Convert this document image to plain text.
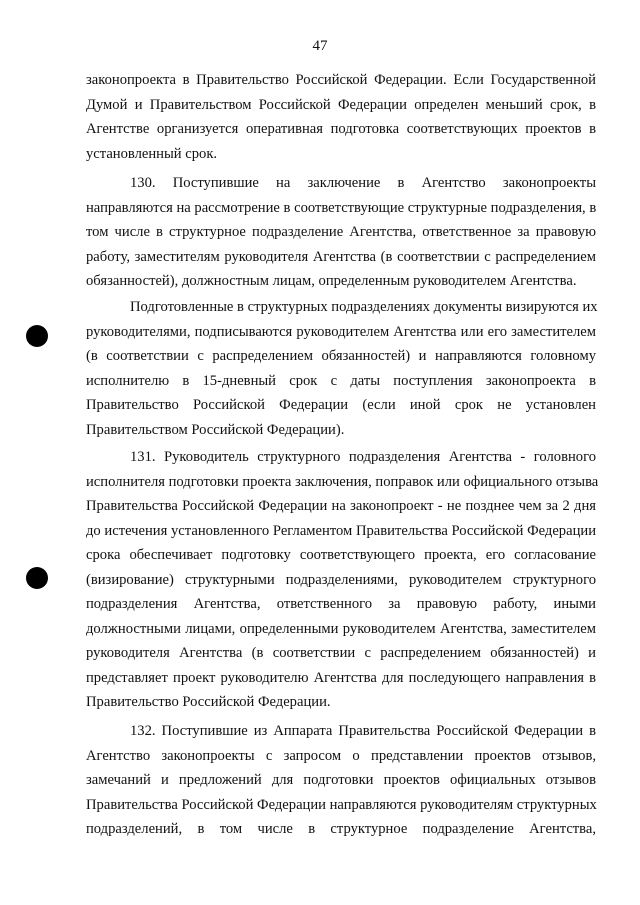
47
законопроекта в Правительство Российской Федерации. Если Государственной
Думой и Правительством Российской Федерации определен меньший срок, в
Агентстве организуется оперативная подготовка соответствующих проектов в
установленный срок.
130. Поступившие на заключение в Агентство законопроекты
направляются на рассмотрение в соответствующие структурные подразделения, в
том числе в структурное подразделение Агентства, ответственное за правовую
работу, заместителям руководителя Агентства (в соответствии с распределением
обязанностей), должностным лицам, определенным руководителем Агентства.
Подготовленные в структурных подразделениях документы визируются их
руководителями, подписываются руководителем Агентства или его заместителем
(в соответствии с распределением обязанностей) и направляются головному
исполнителю в 15-дневный срок с даты поступления законопроекта в
Правительство Российской Федерации (если иной срок не установлен
Правительством Российской Федерации).
131. Руководитель структурного подразделения Агентства - головного
исполнителя подготовки проекта заключения, поправок или официального отзыва
Правительства Российской Федерации на законопроект - не позднее чем за 2 дня
до истечения установленного Регламентом Правительства Российской Федерации
срока обеспечивает подготовку соответствующего проекта, его согласование
(визирование) структурными подразделениями, руководителем структурного
подразделения Агентства, ответственного за правовую работу, иными
должностными лицами, определенными руководителем Агентства, заместителем
руководителя Агентства (в соответствии с распределением обязанностей) и
представляет проект руководителю Агентства для последующего направления в
Правительство Российской Федерации.
132. Поступившие из Аппарата Правительства Российской Федерации в
Агентство законопроекты с запросом о представлении проектов отзывов,
замечаний и предложений для подготовки проектов официальных отзывов
Правительства Российской Федерации направляются руководителям структурных
подразделений, в том числе в структурное подразделение Агентства,
